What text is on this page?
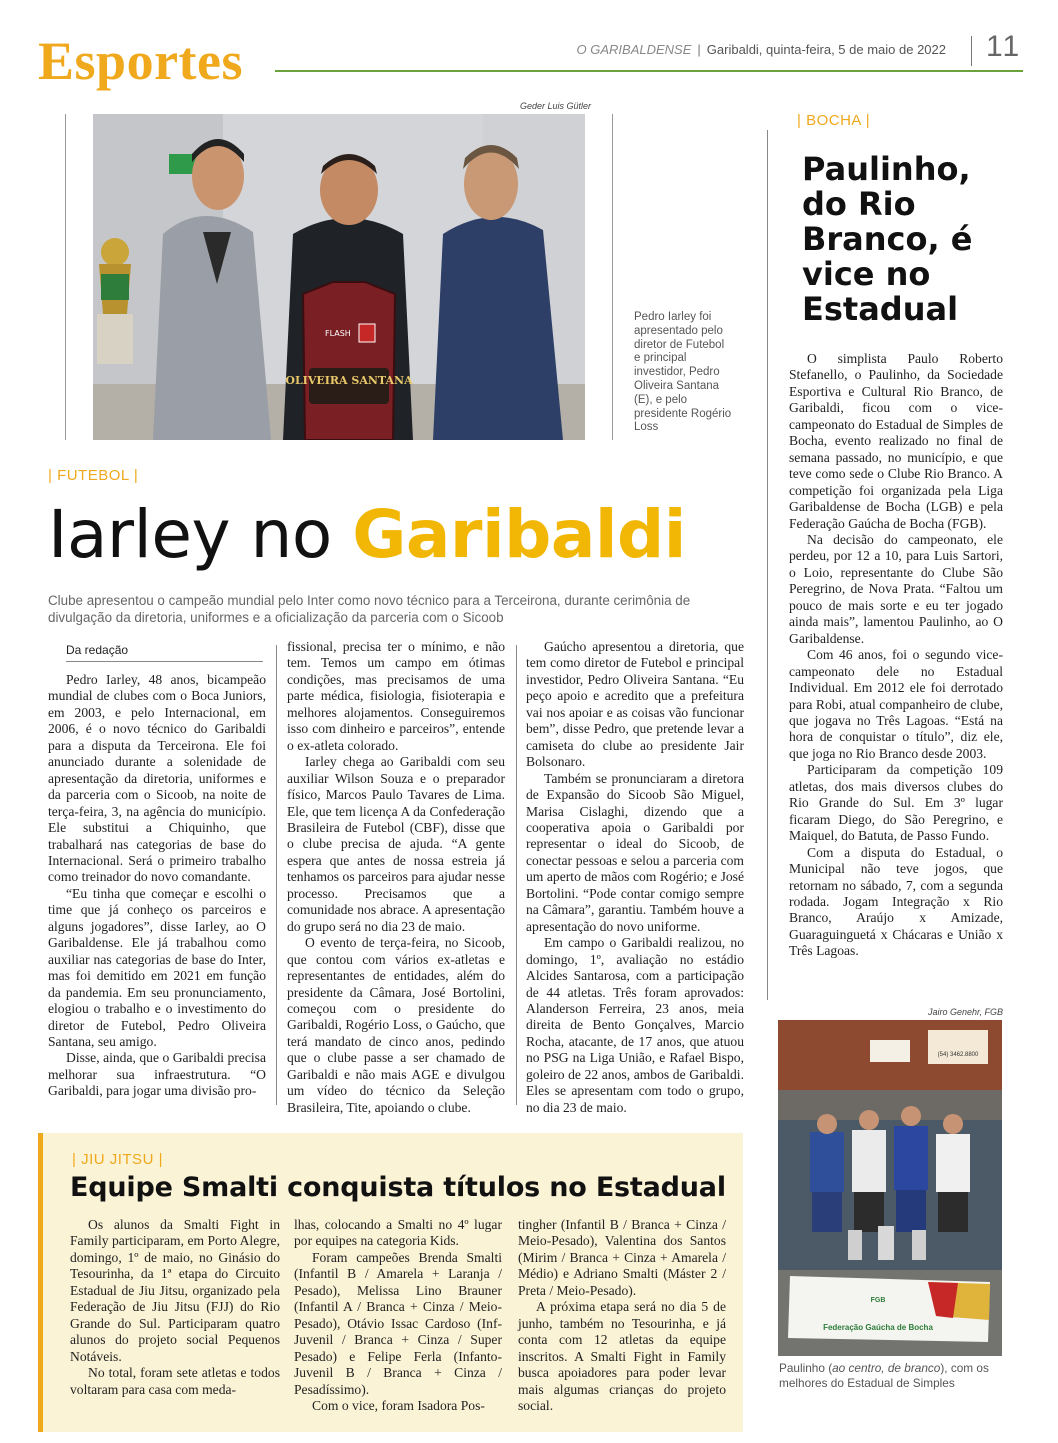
Esportes	O GARIBALDENSE | Garibaldi, quinta-feira, 5 de maio de 2022 11
Geder Luis Gütler
OLIVEIRA SANTANA
FLASH
Pedro Iarley foi apresentado pelo diretor de Futebol e principal investidor, Pedro Oliveira Santana (E), e pelo presidente Rogério Loss
| FUTEBOL |
Iarley no Garibaldi
Clube apresentou o campeão mundial pelo Inter como novo técnico para a Terceirona, durante cerimônia de divulgação da diretoria, uniformes e a oficialização da parceria com o Sicoob
Da redação

Pedro Iarley, 48 anos, bicampeão mundial de clubes com o Boca Juniors, em 2003, e pelo Internacional, em 2006, é o novo técnico do Garibaldi para a disputa da Terceirona. Ele foi anunciado durante a solenidade de apresentação da diretoria, uniformes e da parceria com o Sicoob, na noite de terça-feira, 3, na agência do município. Ele substitui a Chiquinho, que trabalhará nas categorias de base do Internacional. Será o primeiro trabalho como treinador do novo comandante.

“Eu tinha que começar e escolhi o time que já conheço os parceiros e alguns jogadores”, disse Iarley, ao O Garibaldense. Ele já trabalhou como auxiliar nas categorias de base do Inter, mas foi demitido em 2021 em função da pandemia. Em seu pronunciamento, elogiou o trabalho e o investimento do diretor de Futebol, Pedro Oliveira Santana, seu amigo.

Disse, ainda, que o Garibaldi precisa melhorar sua infraestrutura. “O Garibaldi, para jogar uma divisão pro-

fissional, precisa ter o mínimo, e não tem. Temos um campo em ótimas condições, mas precisamos de uma parte médica, fisiologia, fisioterapia e melhores alojamentos. Conseguiremos isso com dinheiro e parceiros”, entende o ex-atleta colorado.

Iarley chega ao Garibaldi com seu auxiliar Wilson Souza e o preparador físico, Marcos Paulo Tavares de Lima. Ele, que tem licença A da Confederação Brasileira de Futebol (CBF), disse que o clube precisa de ajuda. “A gente espera que antes de nossa estreia já tenhamos os parceiros para ajudar nesse processo. Precisamos que a comunidade nos abrace. A apresentação do grupo será no dia 23 de maio.

O evento de terça-feira, no Sicoob, que contou com vários ex-atletas e representantes de entidades, além do presidente da Câmara, José Bortolini, começou com o presidente do Garibaldi, Rogério Loss, o Gaúcho, que terá mandato de cinco anos, pedindo que o clube passe a ser chamado de Garibaldi e não mais AGE e divulgou um vídeo do técnico da Seleção Brasileira, Tite, apoiando o clube.

Gaúcho apresentou a diretoria, que tem como diretor de Futebol e principal investidor, Pedro Oliveira Santana. “Eu peço apoio e acredito que a prefeitura vai nos apoiar e as coisas vão funcionar bem”, disse Pedro, que pretende levar a camiseta do clube ao presidente Jair Bolsonaro.

Também se pronunciaram a diretora de Expansão do Sicoob São Miguel, Marisa Cislaghi, dizendo que a cooperativa apoia o Garibaldi por representar o ideal do Sicoob, de conectar pessoas e selou a parceria com um aperto de mãos com Rogério; e José Bortolini. “Pode contar comigo sempre na Câmara”, garantiu. Também houve a apresentação do novo uniforme.

Em campo o Garibaldi realizou, no domingo, 1º, avaliação no estádio Alcides Santarosa, com a participação de 44 atletas. Três foram aprovados: Alanderson Ferreira, 23 anos, meia direita de Bento Gonçalves, Marcio Rocha, atacante, de 17 anos, que atuou no PSG na Liga União, e Rafael Bispo, goleiro de 22 anos, ambos de Garibaldi. Eles se apresentam com todo o grupo, no dia 23 de maio.

| BOCHA |
Paulinho, do Rio Branco, é vice no Estadual

O simplista Paulo Roberto Stefanello, o Paulinho, da Sociedade Esportiva e Cultural Rio Branco, de Garibaldi, ficou com o vice-campeonato do Estadual de Simples de Bocha, evento realizado no final de semana passado, no município, e que teve como sede o Clube Rio Branco. A competição foi organizada pela Liga Garibaldense de Bocha (LGB) e pela Federação Gaúcha de Bocha (FGB).

Na decisão do campeonato, ele perdeu, por 12 a 10, para Luis Sartori, o Loio, representante do Clube São Peregrino, de Nova Prata. “Faltou um pouco de mais sorte e eu ter jogado ainda mais”, lamentou Paulinho, ao O Garibaldense.

Com 46 anos, foi o segundo vice-campeonato dele no Estadual Individual. Em 2012 ele foi derrotado para Robi, atual companheiro de clube, que jogava no Três Lagoas. “Está na hora de conquistar o título”, diz ele, que joga no Rio Branco desde 2003.

Participaram da competição 109 atletas, dos mais diversos clubes do Rio Grande do Sul. Em 3º lugar ficaram Diego, do São Peregrino, e Maiquel, do Batuta, de Passo Fundo.

Com a disputa do Estadual, o Municipal não teve jogos, que retornam no sábado, 7, com a segunda rodada. Jogam Integração x Rio Branco, Araújo x Amizade, Guaraguinguetá x Chácaras e União x Três Lagoas.

Jairo Genehr, FGB
(54) 3462.8800
FGB
Federação Gaúcha de Bocha
Paulinho (ao centro, de branco), com os melhores do Estadual de Simples
| JIU JITSU |
Equipe Smalti conquista títulos no Estadual

Os alunos da Smalti Fight in Family participaram, em Porto Alegre, domingo, 1º de maio, no Ginásio do Tesourinha, da 1ª etapa do Circuito Estadual de Jiu Jitsu, organizado pela Federação de Jiu Jitsu (FJJ) do Rio Grande do Sul. Participaram quatro alunos do projeto social Pequenos Notáveis.

No total, foram sete atletas e todos voltaram para casa com meda-

lhas, colocando a Smalti no 4º lugar por equipes na categoria Kids.

Foram campeões Brenda Smalti (Infantil B / Amarela + Laranja / Pesado), Melissa Lino Brauner (Infantil A / Branca + Cinza / Meio-Pesado), Otávio Issac Cardoso (Inf-Juvenil / Branca + Cinza / Super Pesado) e Felipe Ferla (Infanto-Juvenil B / Branca + Cinza / Pesadíssimo).

Com o vice, foram Isadora Pos-

tingher (Infantil B / Branca + Cinza / Meio-Pesado), Valentina dos Santos (Mirim / Branca + Cinza + Amarela / Médio) e Adriano Smalti (Máster 2 / Preta / Meio-Pesado).

A próxima etapa será no dia 5 de junho, também no Tesourinha, e já conta com 12 atletas da equipe inscritos. A Smalti Fight in Family busca apoiadores para poder levar mais algumas crianças do projeto social.
